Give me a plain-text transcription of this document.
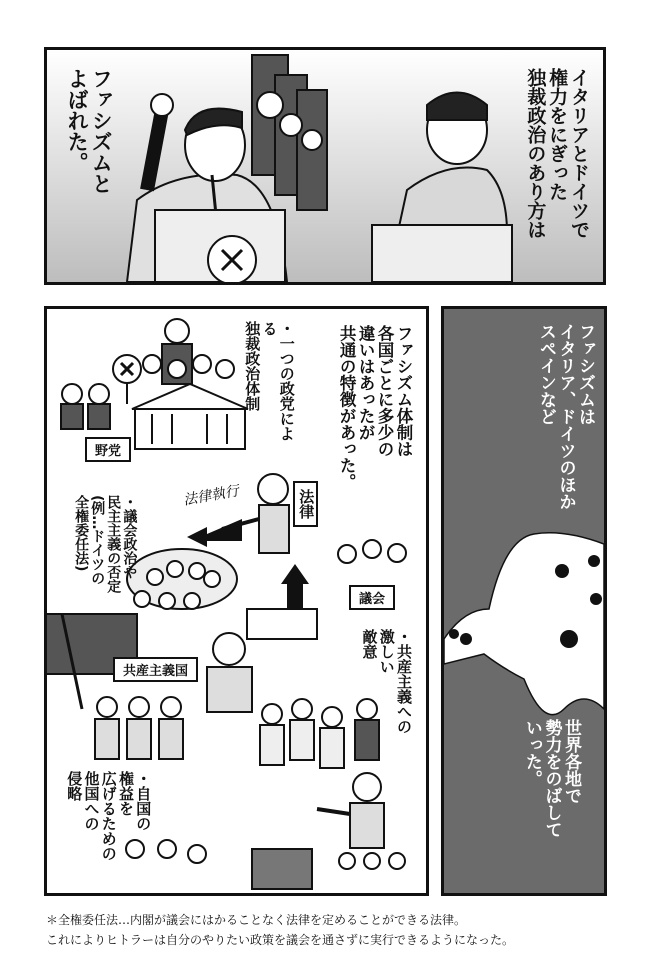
イタリアとドイツで
権力をにぎった
独裁政治のあり方は
ファシズムと
よばれた。
ファシズム体制は
各国ごとに多少の
違いはあったが
共通の特徴があった。
・一つの政党による
独裁政治体制
・議会政治や
民主主義の否定
(例…ドイツの
全権委任法)
・共産主義への
激しい
敵意
・自国の
権益を
広げるための
他国への
侵略
野党
議会
共産主義国
法律
法律執行
ファシズムは
イタリア、ドイツのほか
スペインなど
世界各地で
勢力をのばして
いった。
＊全権委任法…内閣が議会にはかることなく法律を定めることができる法律。
これによりヒトラーは自分のやりたい政策を議会を通さずに実行できるようになった。
